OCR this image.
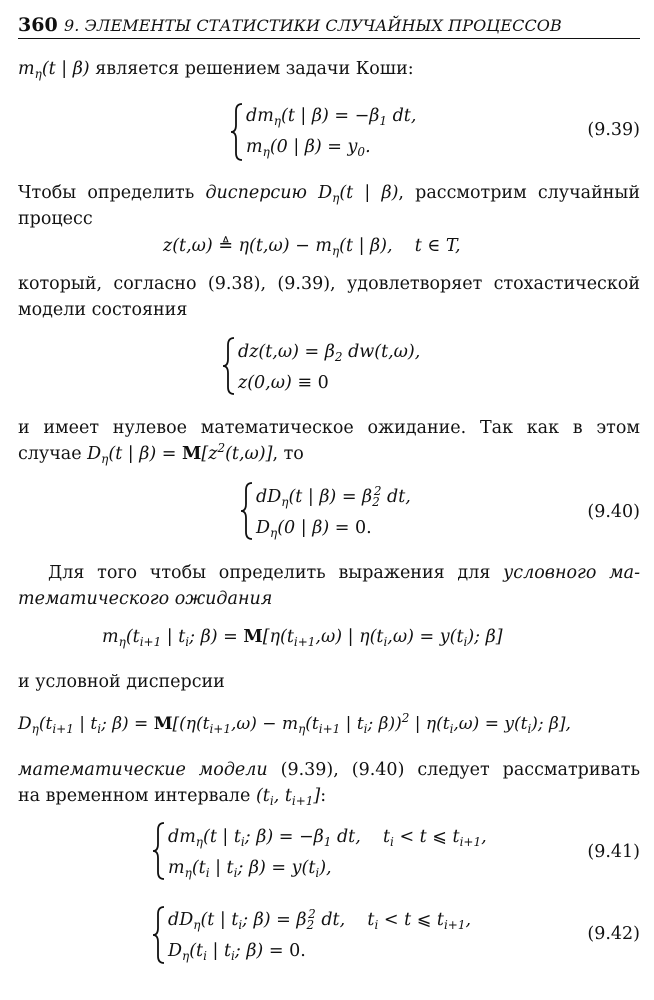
360 9. ЭЛЕМЕНТЫ СТАТИСТИКИ СЛУЧАЙНЫХ ПРОЦЕССОВ
$m_\eta(t$ | β) является решением задачи Коши:
$dm_\eta(t$ | $\beta) = -\beta_1$ dt,
$m_\eta(0$ | $\beta) = y_0$.
(9.39)
Чтобы определить дисперсию $D_\eta(t$ | β), рассмотрим случайный
процесс
z(t,ω) ≜ $\eta(t,\omega) - m_\eta(t$ | β),    t ∈ T,
который, согласно (9.38), (9.39), удовлетворяет стохастической
модели состояния
$dz(t,\omega) = \beta_2$ dw(t,ω),
z(0,ω) ≡ 0
и имеет нулевое математическое ожидание. Так как в этом
случае $D_\eta(t$ | $\beta) = M[z^2(t,\omega)]$, то
$dD_\eta(t$ | $\beta) = \beta_2^2$ dt,
$D_\eta(0$ | β) = 0.
(9.40)
Для того чтобы определить выражения для условного ма-
тематического ожидания
$m_\eta(t_{i+1}$ | $t_i$; $\beta) = M[\eta(t_{i+1},\omega)$ | $\eta(t_i,\omega) = y(t_i)$; β]
и условной дисперсии
$D_\eta(t_{i+1}$ | $t_i$; $\beta) = M[(\eta(t_{i+1},\omega) - m_\eta(t_{i+1}$ | $t_i$; β))$^2$ | $\eta(t_i,\omega) = y(t_i)$; β],
математические модели (9.39), (9.40) следует рассматривать
на временном интервале ($t_i$, $t_{i+1}$]:
$dm_\eta(t$ | $t_i$; $\beta) = -\beta_1$ dt,    $t_i < t$ ⩽ $t_{i+1}$,
$m_\eta(t_i$ | $t_i$; $\beta) = y(t_i)$,
(9.41)
$dD_\eta(t$ | $t_i$; $\beta) = \beta_2^2$ dt,    $t_i < t$ ⩽ $t_{i+1}$,
$D_\eta(t_i$ | $t_i$; β) = 0.
(9.42)
